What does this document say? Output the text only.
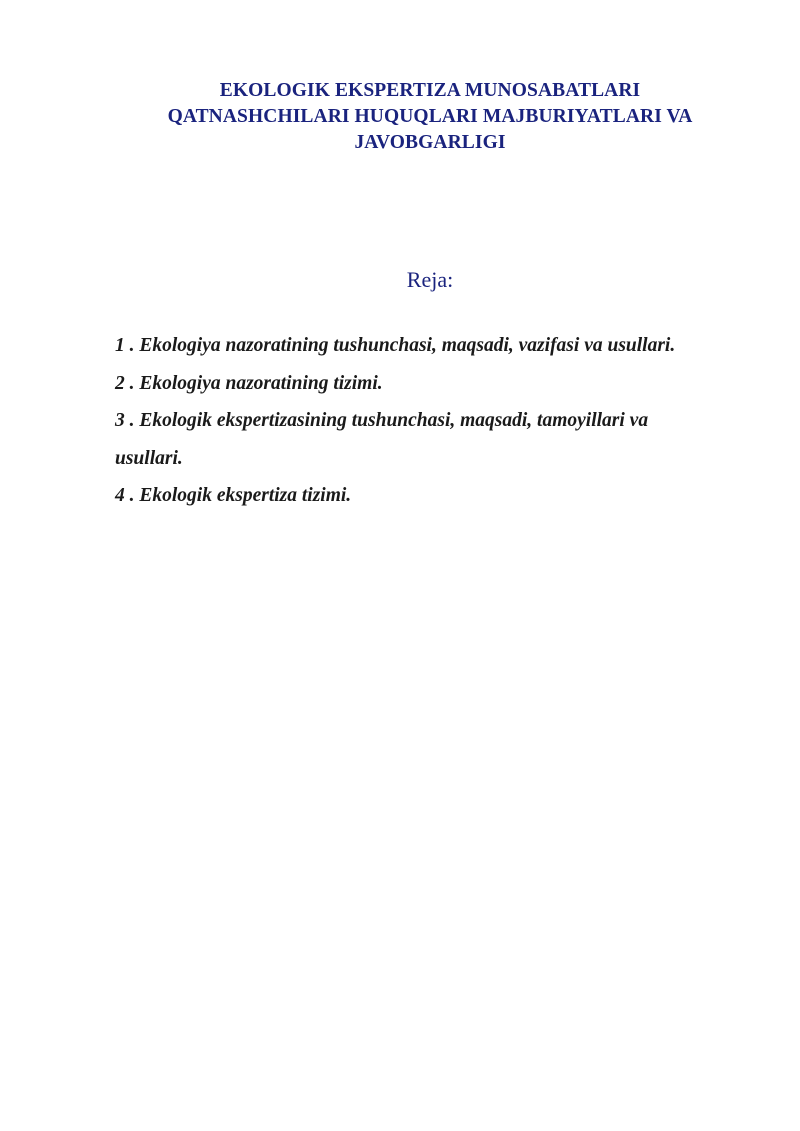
EKOLOGIK EKSPERTIZA MUNOSABATLARI
QATNASHCHILARI HUQUQLARI MAJBURIYATLARI VA
JAVOBGARLIGI
Reja:
1 . Ekologiya nazoratining tushunchasi, maqsadi, vazifasi va usullari.
2 . Ekologiya nazoratining tizimi.
3 . Ekologik ekspertizasining tushunchasi, maqsadi, tamoyillari va
usullari.
4 . Ekologik ekspertiza tizimi.
